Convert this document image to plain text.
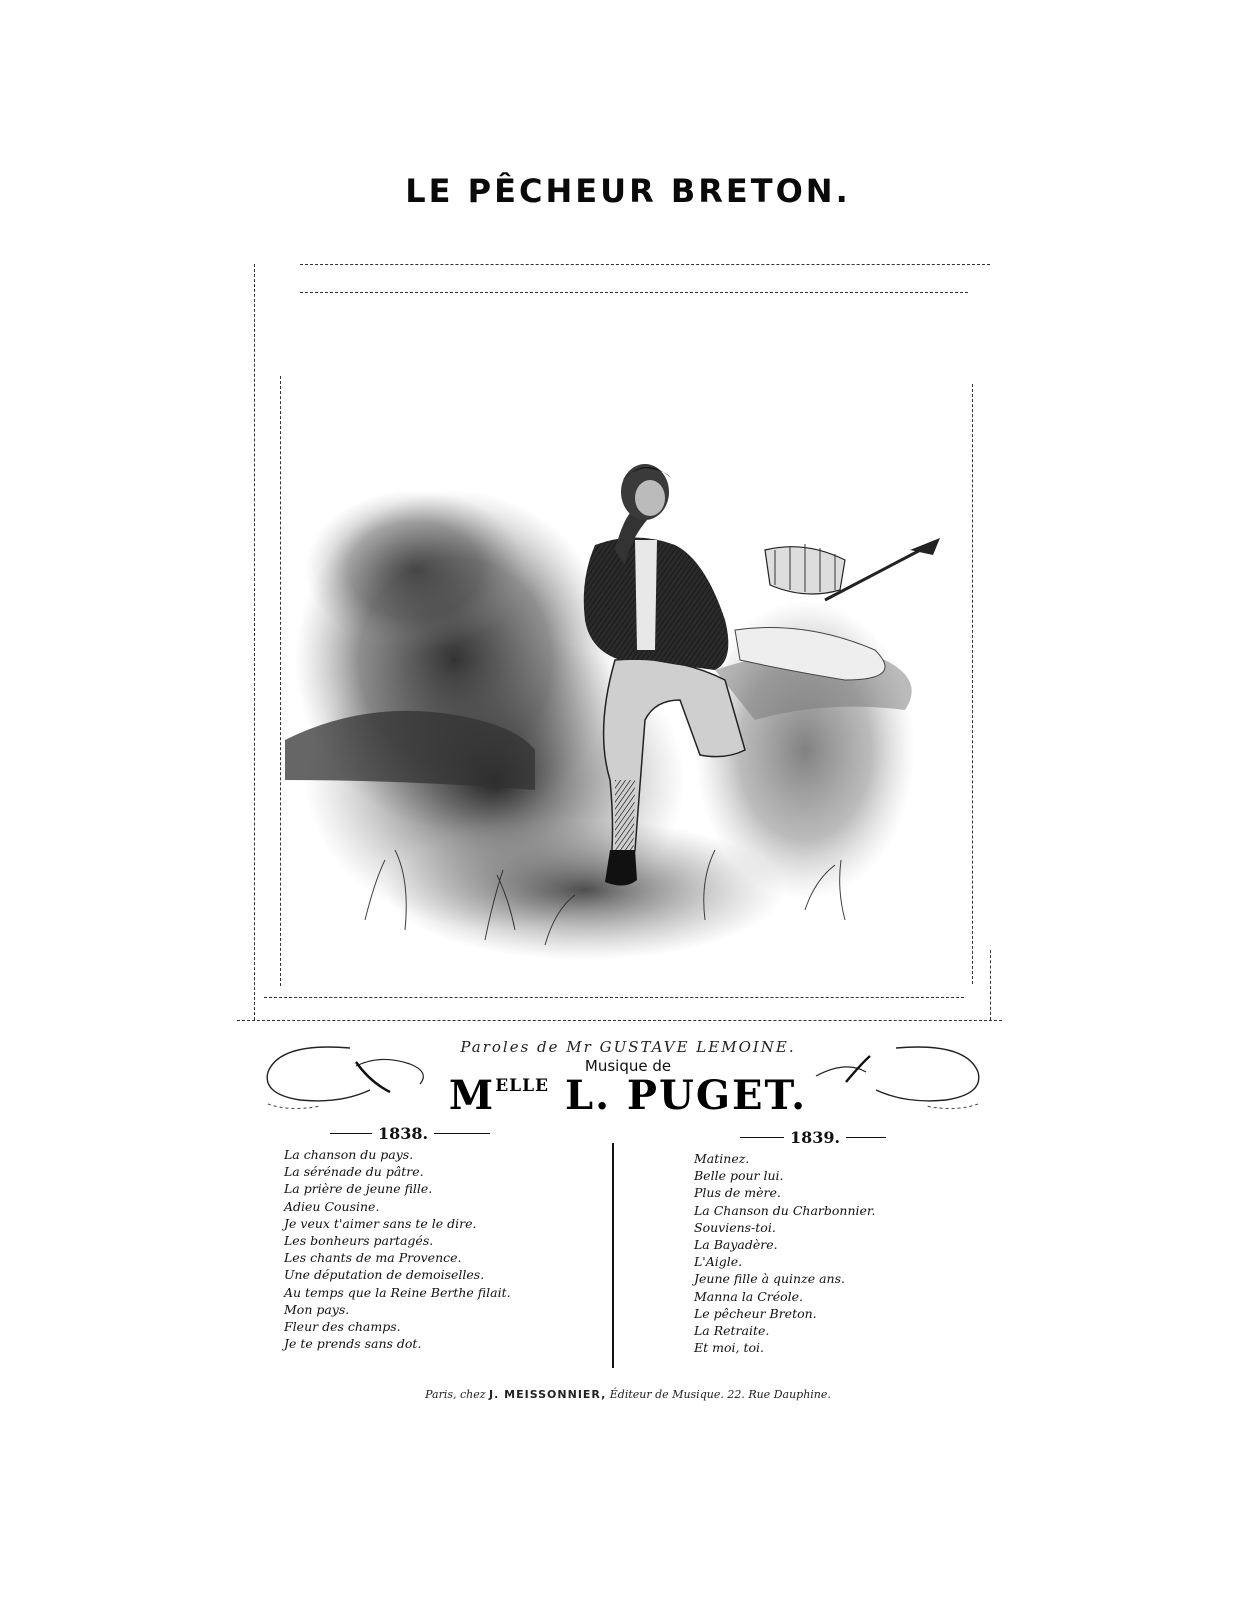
LE PÊCHEUR BRETON.
Paroles de Mr GUSTAVE LEMOINE.
Musique de
$M^{ELLE}$ L. PUGET.
1838.	1839.
La chanson du pays.
La sérénade du pâtre.
La prière de jeune fille.
Adieu Cousine.
Je veux t'aimer sans te le dire.
Les bonheurs partagés.
Les chants de ma Provence.
Une députation de demoiselles.
Au temps que la Reine Berthe filait.
Mon pays.
Fleur des champs.
Je te prends sans dot.
Matinez.
Belle pour lui.
Plus de mère.
La Chanson du Charbonnier.
Souviens-toi.
La Bayadère.
L'Aigle.
Jeune fille à quinze ans.
Manna la Créole.
Le pêcheur Breton.
La Retraite.
Et moi, toi.
Paris, chez J. MEISSONNIER, Éditeur de Musique. 22. Rue Dauphine.
